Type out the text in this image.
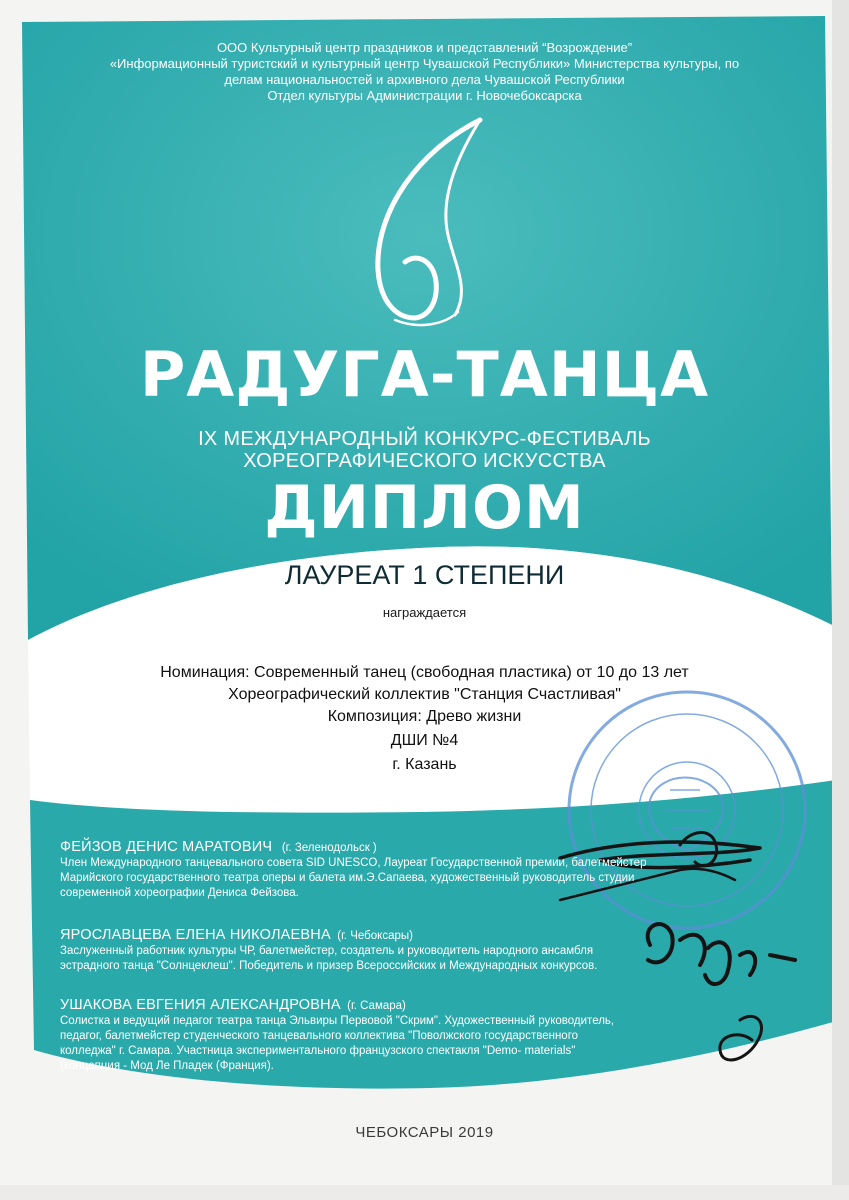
ООО Культурный центр праздников и представлений “Возрождение”
«Информационный туристский и культурный центр Чувашской Республики» Министерства культуры, по
делам национальностей и архивного дела Чувашской Республики
Отдел культуры Администрации г. Новочебоксарска
РАДУГА-ТАНЦА
IX МЕЖДУНАРОДНЫЙ КОНКУРС-ФЕСТИВАЛЬ
ХОРЕОГРАФИЧЕСКОГО ИСКУССТВА
ДИПЛОМ
ЛАУРЕАТ 1 СТЕПЕНИ
награждается
Номинация: Современный танец (свободная пластика) от 10 до 13 лет
Хореографический коллектив "Станция Счастливая"
Композиция: Древо жизни
ДШИ №4
г. Казань
ФЕЙЗОВ ДЕНИС МАРАТОВИЧ (г. Зеленодольск )
Член Международного танцевального совета SID UNESCO, Лауреат Государственной премии, балетмейстер
Марийского государственного театра оперы и балета им.Э.Сапаева, художественный руководитель студии
современной хореографии Дениса Фейзова.
ЯРОСЛАВЦЕВА ЕЛЕНА НИКОЛАЕВНА (г. Чебоксары)
Заслуженный работник культуры ЧР, балетмейстер, создатель и руководитель народного ансамбля
эстрадного танца "Солнцеклеш". Победитель и призер Всероссийских и Международных конкурсов.
УШАКОВА ЕВГЕНИЯ АЛЕКСАНДРОВНА (г. Самара)
Солистка и ведущий педагог театра танца Эльвиры Первовой "Скрим". Художественный руководитель,
педагог, балетмейстер студенческого танцевального коллектива "Поволжского государственного
колледжа" г. Самара. Участница экспериментального французского спектакля "Demo- materials"
(концепция - Мод Ле Пладек (Франция).
ЧЕБОКСАРЫ 2019
